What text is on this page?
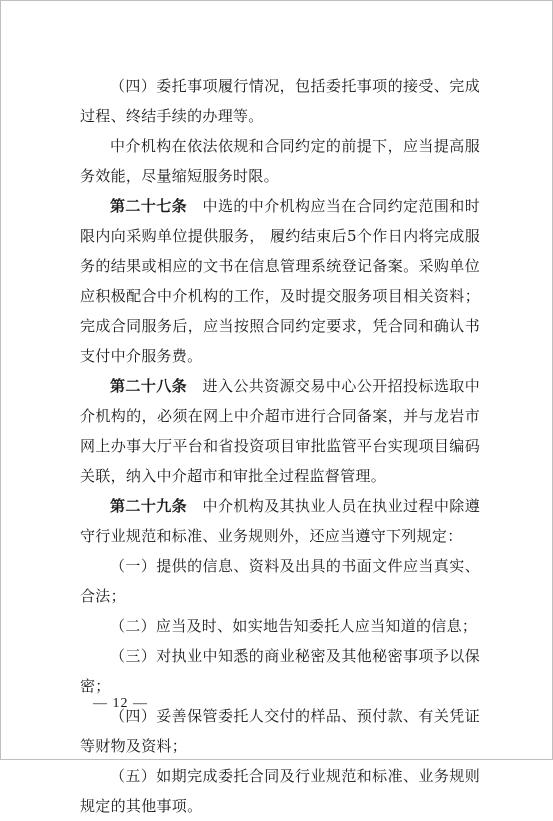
（四）委托事项履行情况，包括委托事项的接受、完成过程、终结手续的办理等。

中介机构在依法依规和合同约定的前提下，应当提高服务效能，尽量缩短服务时限。

第二十七条　中选的中介机构应当在合同约定范围和时限内向采购单位提供服务， 履约结束后5个作日内将完成服务的结果或相应的文书在信息管理系统登记备案。采购单位应积极配合中介机构的工作，及时提交服务项目相关资料；完成合同服务后，应当按照合同约定要求，凭合同和确认书支付中介服务费。

第二十八条　进入公共资源交易中心公开招投标选取中介机构的，必须在网上中介超市进行合同备案，并与龙岩市网上办事大厅平台和省投资项目审批监管平台实现项目编码关联，纳入中介超市和审批全过程监督管理。

第二十九条　中介机构及其执业人员在执业过程中除遵守行业规范和标准、业务规则外，还应当遵守下列规定：

（一）提供的信息、资料及出具的书面文件应当真实、合法；

（二）应当及时、如实地告知委托人应当知道的信息；

（三）对执业中知悉的商业秘密及其他秘密事项予以保密；

（四）妥善保管委托人交付的样品、预付款、有关凭证等财物及资料；

（五）如期完成委托合同及行业规范和标准、业务规则规定的其他事项。

— 12 —
